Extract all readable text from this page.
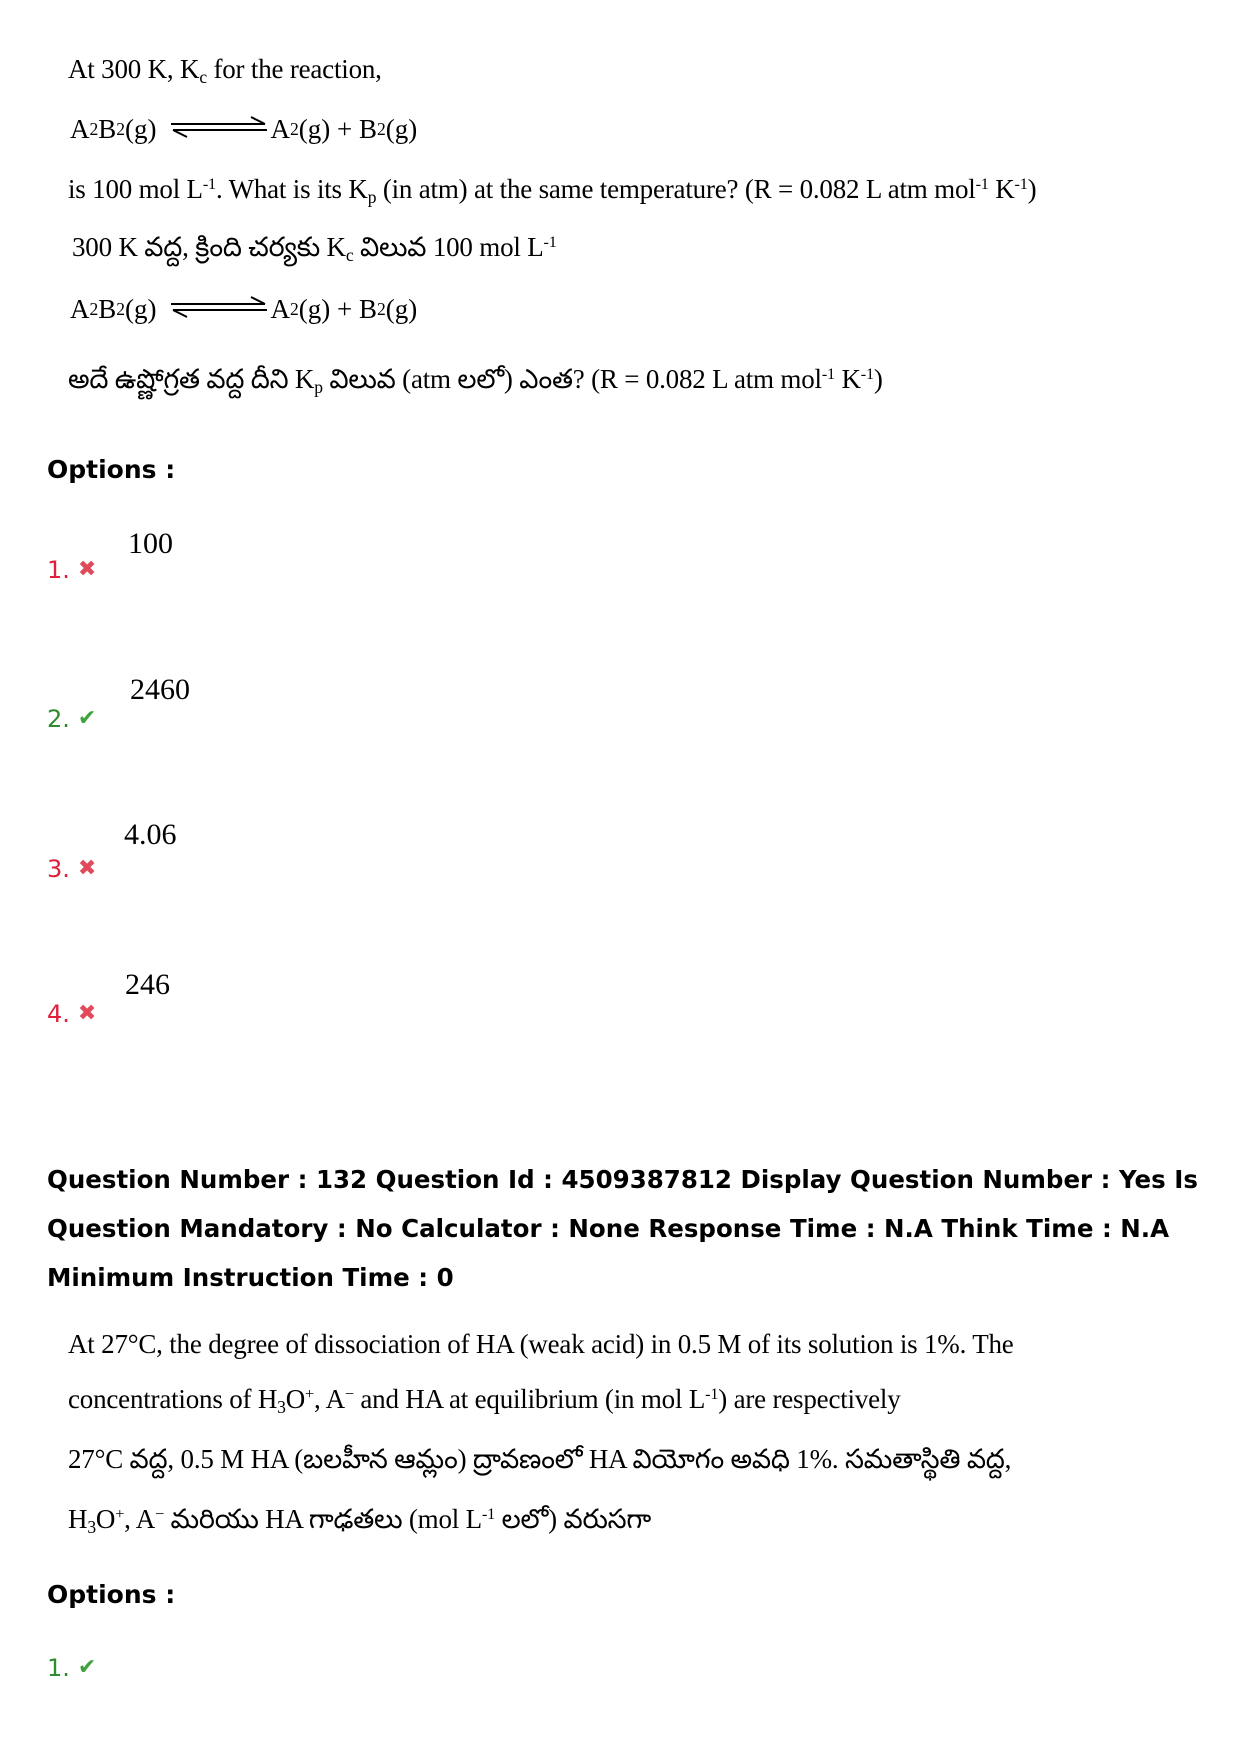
At 300 K, $K_c$ for the reaction,
A 2 B 2 (g) ⇌ A 2 (g) + B 2 (g)
is 100 mol $L^{-1}$. What is its $K_p$ (in atm) at the same temperature? (R = 0.082 L atm mol$^{-1}$ $K^{-1}$)
300 K వద్ద, క్రింది చర్యకు $K_c$ విలువ 100 mol $L^{-1}$
A 2 B 2 (g) ⇌ A 2 (g) + B 2 (g)
అదే ఉష్ణోగ్రత వద్ద దీని $K_p$ విలువ (atm లలో) ఎంత? (R = 0.082 L atm mol$^{-1}$ $K^{-1}$)
Options :
1. ✖
100
2. ✔
2460
3. ✖
4.06
4. ✖
246
Question Number : 132 Question Id : 4509387812 Display Question Number : Yes Is Question Mandatory : No Calculator : None Response Time : N.A Think Time : N.A Minimum Instruction Time : 0
At 27°C, the degree of dissociation of HA (weak acid) in 0.5 M of its solution is 1%. The
concentrations of $H_3O^+$, A− and HA at equilibrium (in mol $L^{-1}$) are respectively
27°C వద్ద, 0.5 M HA (బలహీన ఆమ్లం) ద్రావణంలో HA వియోగం అవధి 1%. సమతాస్థితి వద్ద,
$H_3O^+$, A− మరియు HA గాఢతలు (mol $L^{-1}$ లలో) వరుసగా
Options :
1. ✔
